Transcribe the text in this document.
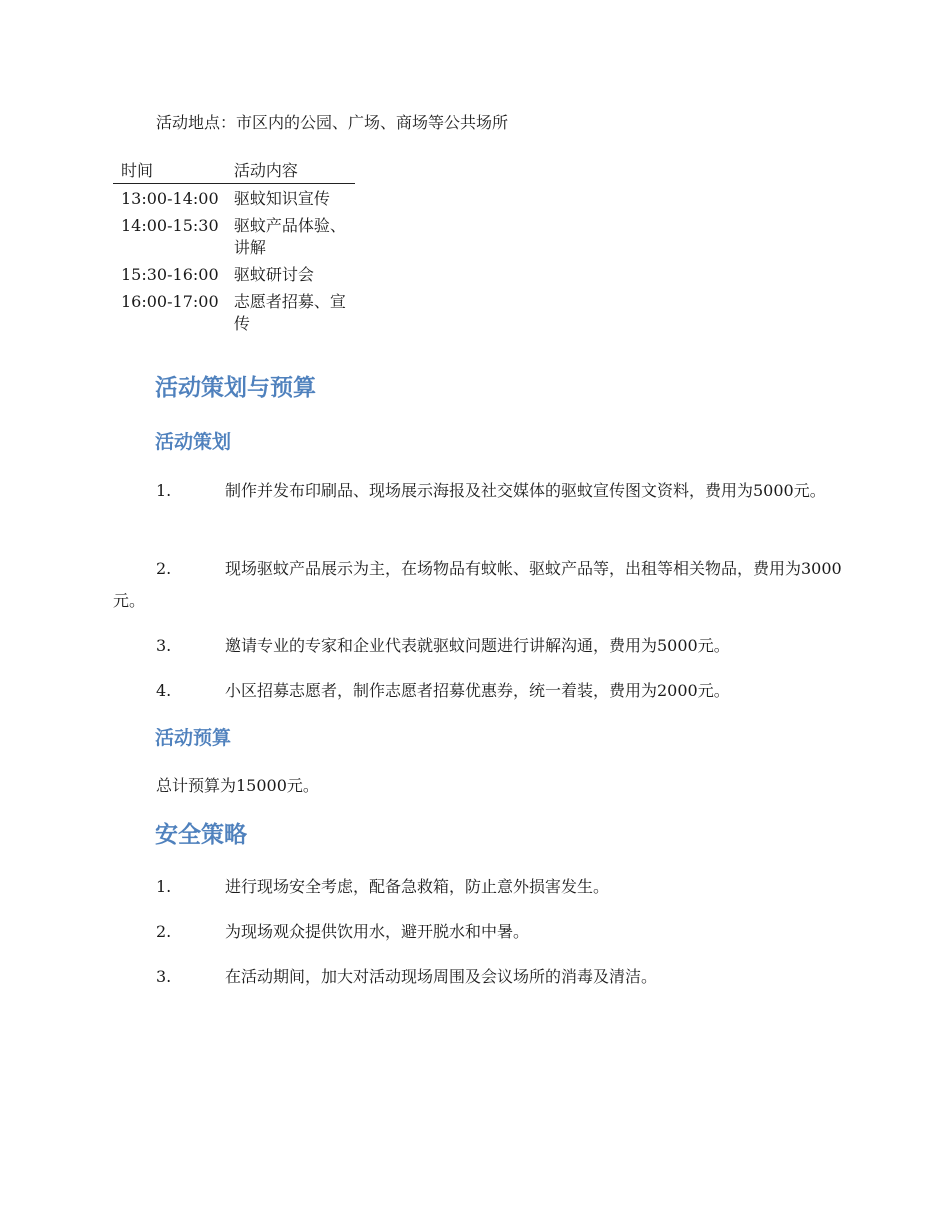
活动地点：市区内的公园、广场、商场等公共场所

时间	活动内容
13:00-14:00	驱蚊知识宣传
14:00-15:30	驱蚊产品体验、讲解
15:30-16:00	驱蚊研讨会
16:00-17:00	志愿者招募、宣传
活动策划与预算
活动策划
1.	制作并发布印刷品、现场展示海报及社交媒体的驱蚊宣传图文资料，费用为5000元。
2.	现场驱蚊产品展示为主，在场物品有蚊帐、驱蚊产品等，出租等相关物品，费用为3000元。
3.	邀请专业的专家和企业代表就驱蚊问题进行讲解沟通，费用为5000元。
4.	小区招募志愿者，制作志愿者招募优惠券，统一着装，费用为2000元。
活动预算

总计预算为15000元。

安全策略
1.	进行现场安全考虑，配备急救箱，防止意外损害发生。
2.	为现场观众提供饮用水，避开脱水和中暑。
3.	在活动期间，加大对活动现场周围及会议场所的消毒及清洁。
